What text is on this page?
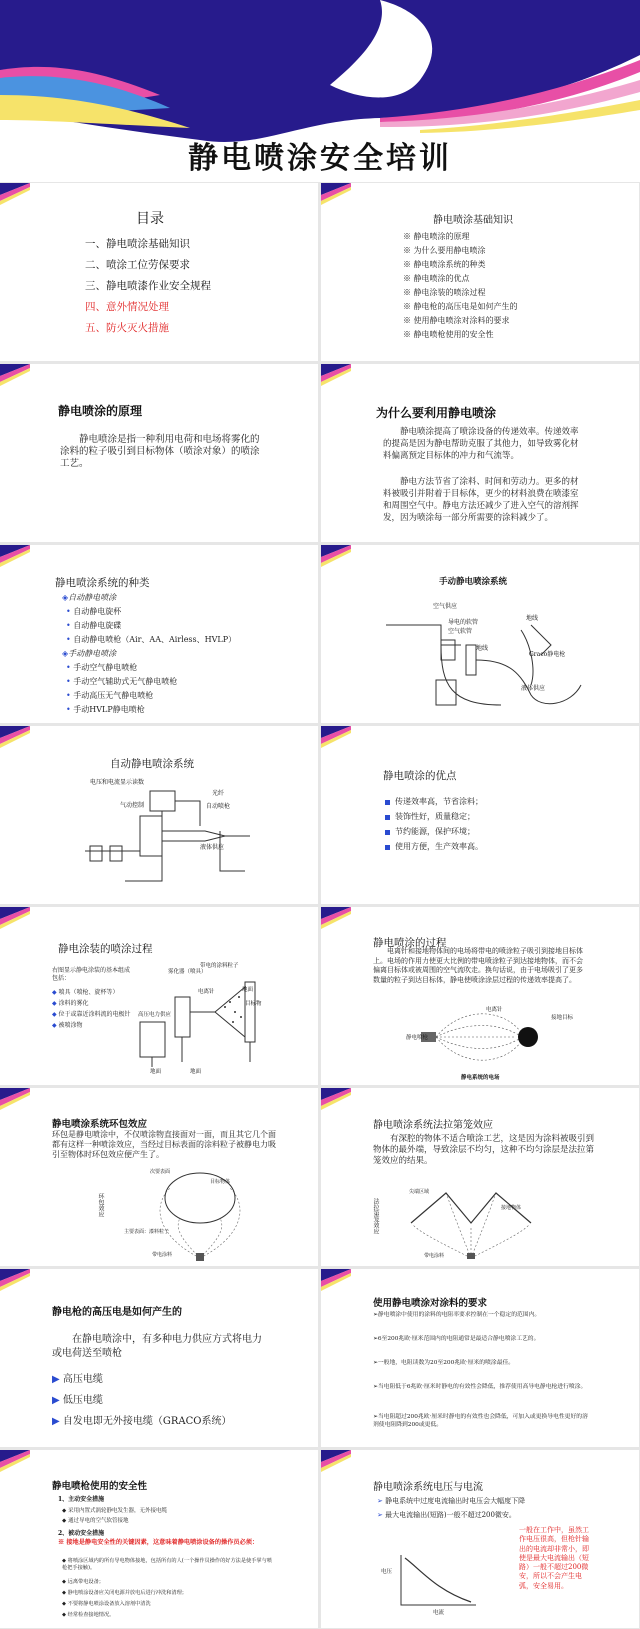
静电喷涂安全培训
目录
一、静电喷涂基础知识
二、喷涂工位劳保要求
三、静电喷漆作业安全规程
四、意外情况处理
五、防火灭火措施
静电喷涂基础知识
※ 静电喷涂的原理
※ 为什么要用静电喷涂
※ 静电喷涂系统的种类
※ 静电喷涂的优点
※ 静电涂装的喷涂过程
※ 静电枪的高压电是如何产生的
※ 使用静电喷涂对涂料的要求
※ 静电喷枪使用的安全性
静电喷涂的原理
静电喷涂是指一种利用电荷和电场将雾化的涂料的粒子吸引到目标物体（喷涂对象）的喷涂工艺。
为什么要利用静电喷涂
静电喷涂提高了喷涂设备的传递效率。传递效率的提高是因为静电帮助克服了其他力，如导致雾化材料偏离预定目标体的冲力和气流等。
静电方法节省了涂料、时间和劳动力。更多的材料被吸引并附着于目标体，更少的材料浪费在喷漆室和周围空气中。静电方法还减少了进入空气的溶剂挥发，因为喷涂每一部分所需要的涂料减少了。
静电喷涂系统的种类
◈自动静电喷涂
• 自动静电旋杯
• 自动静电旋碟
• 自动静电喷枪（Air、AA、Airless、HVLP）
◈手动静电喷涂
• 手动空气静电喷枪
• 手动空气辅助式无气静电喷枪
• 手动高压无气静电喷枪
• 手动HVLP静电喷枪
手动静电喷涂系统
空气供应
导电的软管
空气软管
地线
地线
Graco静电枪
液体供应
自动静电喷涂系统
电压和电流显示读数
光纤
气动控制	自动喷枪
液体供应
静电喷涂的优点
传递效率高，节省涂料；
装饰性好，质量稳定；
节约能源，保护环境；
使用方便，生产效率高。
静电涂装的喷涂过程
右图显示静电涂装的基本组成包括：
◆ 喷具（喷枪、旋杯等）
◆ 涂料的雾化
◆ 位于或靠近涂料流的电极针
◆ 被喷涂物
雾化器（喷具）
带电的涂料粒子
电离针
目标物
高压电力供应
地面
地面	地面
静电喷涂的过程
电离针和接地物体间的电场将带电的喷涂粒子吸引到接地目标体上。电场的作用力使更大比例的带电喷涂粒子到达接地物体，而不会偏离目标体或被周围的空气流吹走。换句话说，由于电场吸引了更多数量的粒子到达目标体，静电使喷涂涂层过程的传递效率提高了。
电离针
接地目标
静电喷枪
静电系统的电场
静电喷涂系统环包效应
环包是静电喷涂中，不仅喷涂物直接面对一面，而且其它几个面都有这样一种喷涂效应，当经过目标表面的涂料粒子被静电力吸引至物体时环包效应便产生了。
环包效应
次要表面
目标物体
主要表面：漆料粒子
带电涂料
静电喷涂系统法拉第笼效应
有深腔的物体不适合喷涂工艺，这是因为涂料被吸引到物体的最外端，导致涂层不均匀，这种不均匀涂层是法拉第笼效应的结果。
法拉第笼效应
尖端区域
接地物体
带电涂料
静电枪的高压电是如何产生的
在静电喷涂中，有多种电力供应方式将电力或电荷送至喷枪
▶ 高压电缆
▶ 低压电缆
▶ 自发电即无外接电缆（GRACO系统）
使用静电喷涂对涂料的要求
➢静电喷涂中使用的涂料的电阻率要求控制在一个稳定的范围内。
➢6至200兆欧·厘米范围内的电阻通常是最适合静电喷涂工艺的。
➢一般地，电阻读数为20至200兆欧·厘米的喷涂最佳。
➢当电阻低于6兆欧·厘米时静电的有效性会降低，推荐使用高导电静电枪进行喷涂。
➢当电阻超过200兆欧·厘米时静电的有效性也会降低，可加入或更换导电性更好的溶剂使电阻降到200或更低。
静电喷枪使用的安全性
1、主动安全措施
◆ 采用内置式涡轮静电发生器，无外接电缆
◆ 通过导电的空气软管接地
2、被动安全措施
※ 接地是静电安全性的关键因素，这意味着静电喷涂设备的操作员必须：
◆ 将喷涂区域内的所有导电物体接地，包括所有的人(一个操作员操作的好方法是使手掌与喷枪把手接触)。
◆ 远离带电设备；
◆ 静电喷涂设备应关闭电源并放电后进行冲洗和清理；
◆ 不要将静电喷涂设备放入溶剂中清洗
◆ 经常检查接地情况。
静电喷涂系统电压与电流
➢ 静电系统中过度电流输出时电压会大幅度下降
➢ 最大电流输出(短路)一般不超过200微安。
一般在工作中，虽然工作电压很高，但枪针输出的电流却非常小，即使是最大电流输出（短路）一般不超过200微安，所以不会产生电弧，安全易用。
电压
电流
